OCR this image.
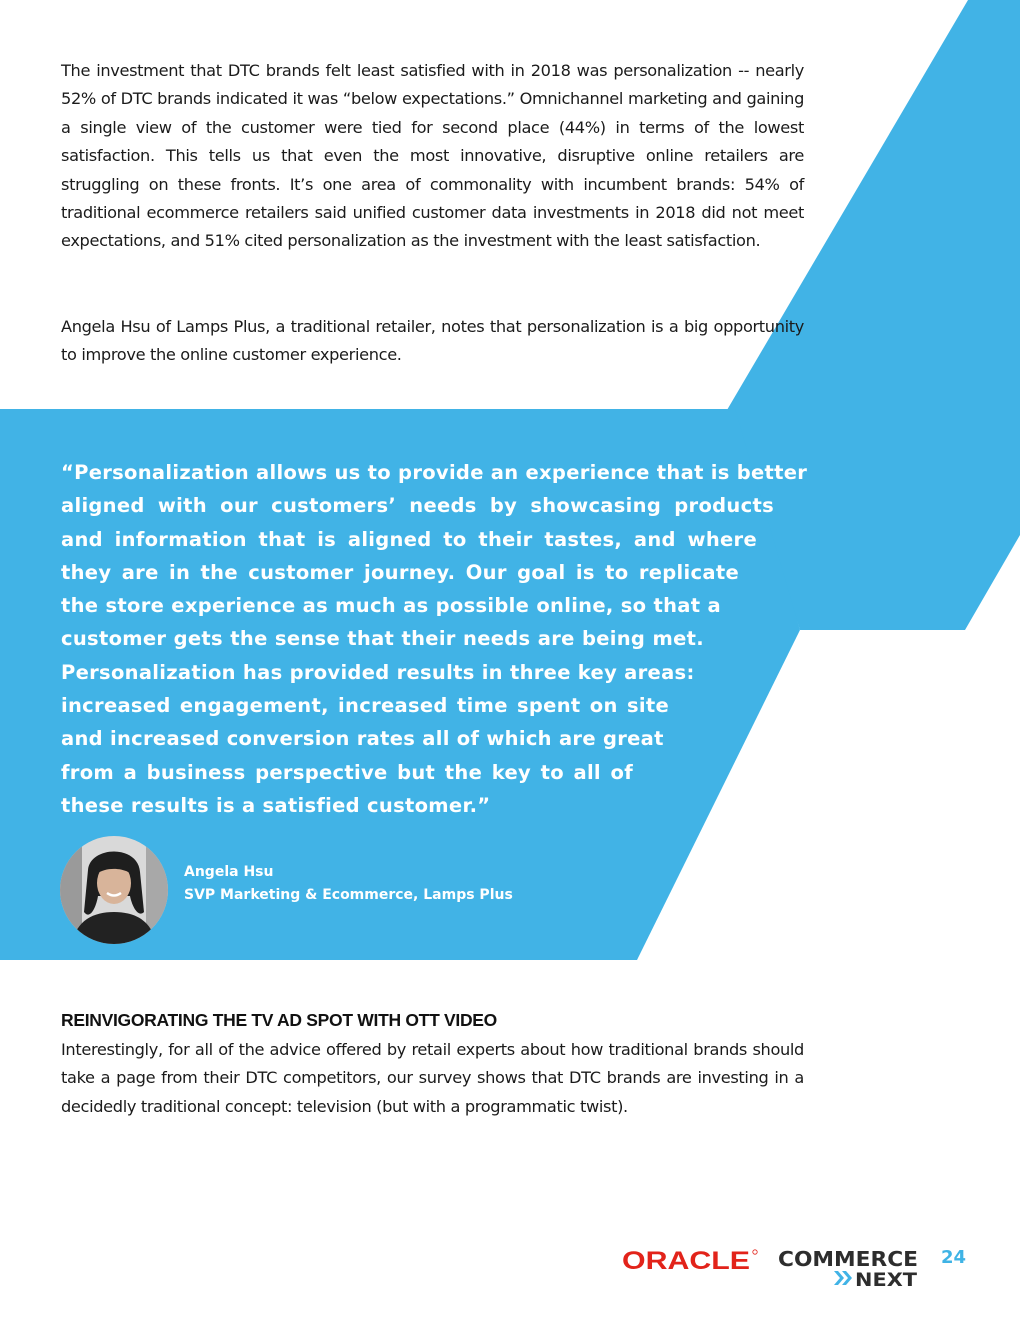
The investment that DTC brands felt least satisfied with in 2018 was personalization -- nearly 52% of DTC brands indicated it was “below expectations.” Omnichannel marketing and gaining a single view of the customer were tied for second place (44%) in terms of the lowest satisfaction. This tells us that even the most innovative, disruptive online retailers are struggling on these fronts. It’s one area of commonality with incumbent brands: 54% of traditional ecommerce retailers said unified customer data investments in 2018 did not meet expectations, and 51% cited personalization as the investment with the least satisfaction.

Angela Hsu of Lamps Plus, a traditional retailer, notes that personalization is a big opportunity to improve the online customer experience.

“Personalization allows us to provide an experience that is better
aligned with our customers’ needs by showcasing products
and information that is aligned to their tastes, and where
they are in the customer journey. Our goal is to replicate
the store experience as much as possible online, so that a
customer gets the sense that their needs are being met.
Personalization has provided results in three key areas:
increased engagement, increased time spent on site
and increased conversion rates all of which are great
from a business perspective but the key to all of
these results is a satisfied customer.”
Angela Hsu
SVP Marketing & Ecommerce, Lamps Plus
REINVIGORATING THE TV AD SPOT WITH OTT VIDEO

Interestingly, for all of the advice offered by retail experts about how traditional brands should take a page from their DTC competitors, our survey shows that DTC brands are investing in a decidedly traditional concept: television (but with a programmatic twist).

ORACLE COMMERCE
NEXT
24
